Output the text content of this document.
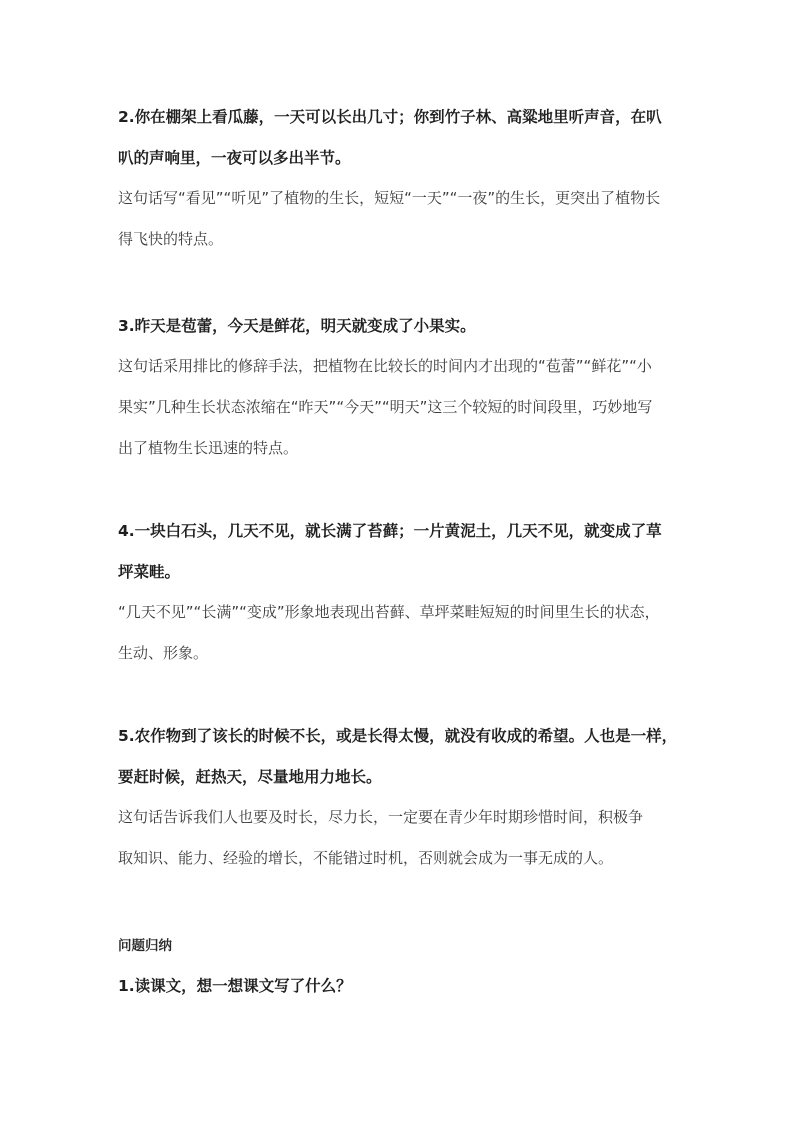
2.你在棚架上看瓜藤，一天可以长出几寸；你到竹子林、高粱地里听声音，在叭
叭的声响里，一夜可以多出半节。
这句话写“看见”“听见”了植物的生长，短短“一天”“一夜”的生长，更突出了植物长
得飞快的特点。
3.昨天是苞蕾，今天是鲜花，明天就变成了小果实。
这句话采用排比的修辞手法，把植物在比较长的时间内才出现的“苞蕾”“鲜花”“小
果实”几种生长状态浓缩在“昨天”“今天”“明天”这三个较短的时间段里，巧妙地写
出了植物生长迅速的特点。
4.一块白石头，几天不见，就长满了苔藓；一片黄泥土，几天不见，就变成了草
坪菜畦。
“几天不见”“长满”“变成”形象地表现出苔藓、草坪菜畦短短的时间里生长的状态，
生动、形象。
5.农作物到了该长的时候不长，或是长得太慢，就没有收成的希望。人也是一样，
要赶时候，赶热天，尽量地用力地长。
这句话告诉我们人也要及时长，尽力长，一定要在青少年时期珍惜时间，积极争
取知识、能力、经验的增长，不能错过时机，否则就会成为一事无成的人。
问题归纳
1.读课文，想一想课文写了什么？
